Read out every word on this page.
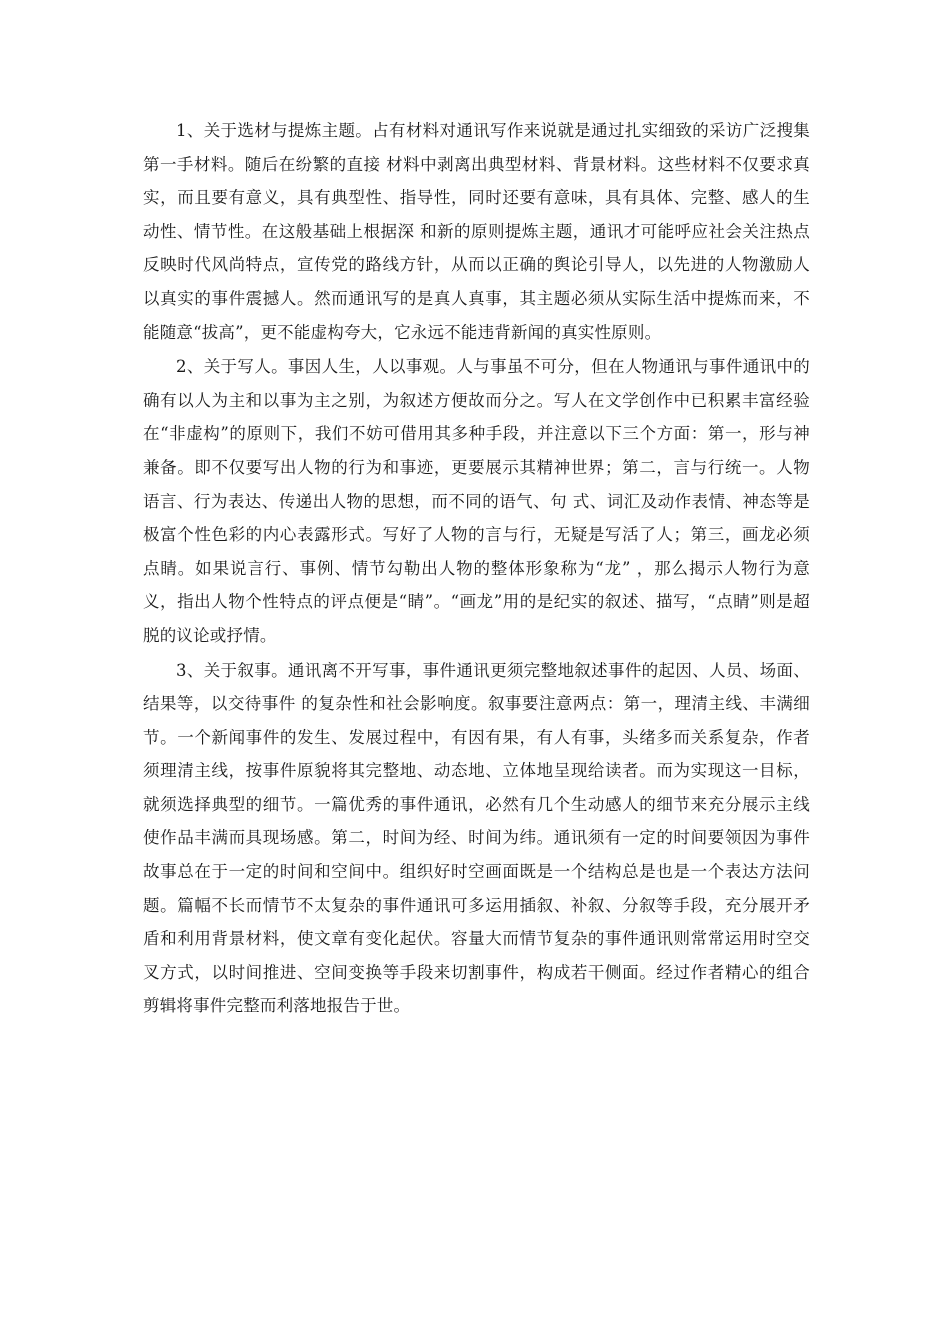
1、关于选材与提炼主题。占有材料对通讯写作来说就是通过扎实细致的采访广泛搜集第一手材料。随后在纷繁的直接 材料中剥离出典型材料、背景材料。这些材料不仅要求真实，而且要有意义，具有典型性、指导性，同时还要有意味，具有具体、完整、感人的生动性、情节性。在这般基础上根据深 和新的原则提炼主题，通讯才可能呼应社会关注热点反映时代风尚特点，宣传党的路线方针，从而以正确的舆论引导人，以先进的人物激励人以真实的事件震撼人。然而通讯写的是真人真事，其主题必须从实际生活中提炼而来，不能随意“拔高”，更不能虚构夸大，它永远不能违背新闻的真实性原则。

2、关于写人。事因人生，人以事观。人与事虽不可分，但在人物通讯与事件通讯中的确有以人为主和以事为主之别，为叙述方便故而分之。写人在文学创作中已积累丰富经验在“非虚构”的原则下，我们不妨可借用其多种手段，并注意以下三个方面：第一，形与神兼备。即不仅要写出人物的行为和事迹，更要展示其精神世界；第二，言与行统一。人物语言、行为表达、传递出人物的思想，而不同的语气、句 式、词汇及动作表情、神态等是极富个性色彩的内心表露形式。写好了人物的言与行，无疑是写活了人；第三，画龙必须点睛。如果说言行、事例、情节勾勒出人物的整体形象称为“龙” ，那么揭示人物行为意义，指出人物个性特点的评点便是“睛”。“画龙”用的是纪实的叙述、描写，“点睛”则是超脱的议论或抒情。

3、关于叙事。通讯离不开写事，事件通讯更须完整地叙述事件的起因、人员、场面、结果等，以交待事件 的复杂性和社会影响度。叙事要注意两点：第一，理清主线、丰满细节。一个新闻事件的发生、发展过程中，有因有果，有人有事，头绪多而关系复杂，作者须理清主线，按事件原貌将其完整地、动态地、立体地呈现给读者。而为实现这一目标，就须选择典型的细节。一篇优秀的事件通讯，必然有几个生动感人的细节来充分展示主线使作品丰满而具现场感。第二，时间为经、时间为纬。通讯须有一定的时间要领因为事件故事总在于一定的时间和空间中。组织好时空画面既是一个结构总是也是一个表达方法问题。篇幅不长而情节不太复杂的事件通讯可多运用插叙、补叙、分叙等手段，充分展开矛盾和利用背景材料，使文章有变化起伏。容量大而情节复杂的事件通讯则常常运用时空交叉方式，以时间推进、空间变换等手段来切割事件，构成若干侧面。经过作者精心的组合剪辑将事件完整而利落地报告于世。
